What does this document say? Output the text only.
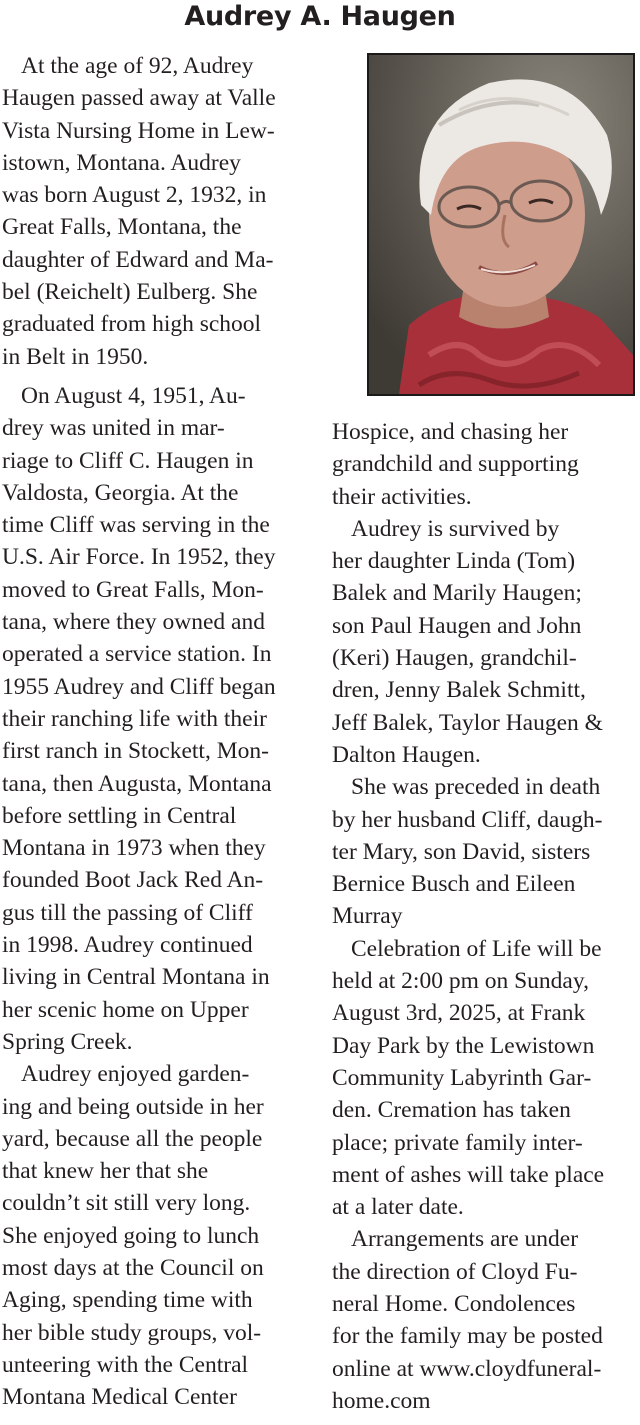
Audrey A. Haugen
At the age of 92, Audrey
Haugen passed away at Valle
Vista Nursing Home in Lew-
istown, Montana. Audrey
was born August 2, 1932, in
Great Falls, Montana, the
daughter of Edward and Ma-
bel (Reichelt) Eulberg. She
graduated from high school
in Belt in 1950.
On August 4, 1951, Au-
drey was united in mar-
riage to Cliff C. Haugen in
Valdosta, Georgia. At the
time Cliff was serving in the
U.S. Air Force. In 1952, they
moved to Great Falls, Mon-
tana, where they owned and
operated a service station. In
1955 Audrey and Cliff began
their ranching life with their
first ranch in Stockett, Mon-
tana, then Augusta, Montana
before settling in Central
Montana in 1973 when they
founded Boot Jack Red An-
gus till the passing of Cliff
in 1998. Audrey continued
living in Central Montana in
her scenic home on Upper
Spring Creek.
Audrey enjoyed garden-
ing and being outside in her
yard, because all the people
that knew her that she
couldn’t sit still very long.
She enjoyed going to lunch
most days at the Council on
Aging, spending time with
her bible study groups, vol-
unteering with the Central
Montana Medical Center
Hospice, and chasing her
grandchild and supporting
their activities.
Audrey is survived by
her daughter Linda (Tom)
Balek and Marily Haugen;
son Paul Haugen and John
(Keri) Haugen, grandchil-
dren, Jenny Balek Schmitt,
Jeff Balek, Taylor Haugen &
Dalton Haugen.
She was preceded in death
by her husband Cliff, daugh-
ter Mary, son David, sisters
Bernice Busch and Eileen
Murray
Celebration of Life will be
held at 2:00 pm on Sunday,
August 3rd, 2025, at Frank
Day Park by the Lewistown
Community Labyrinth Gar-
den. Cremation has taken
place; private family inter-
ment of ashes will take place
at a later date.
Arrangements are under
the direction of Cloyd Fu-
neral Home. Condolences
for the family may be posted
online at www.cloydfuneral-
home.com
